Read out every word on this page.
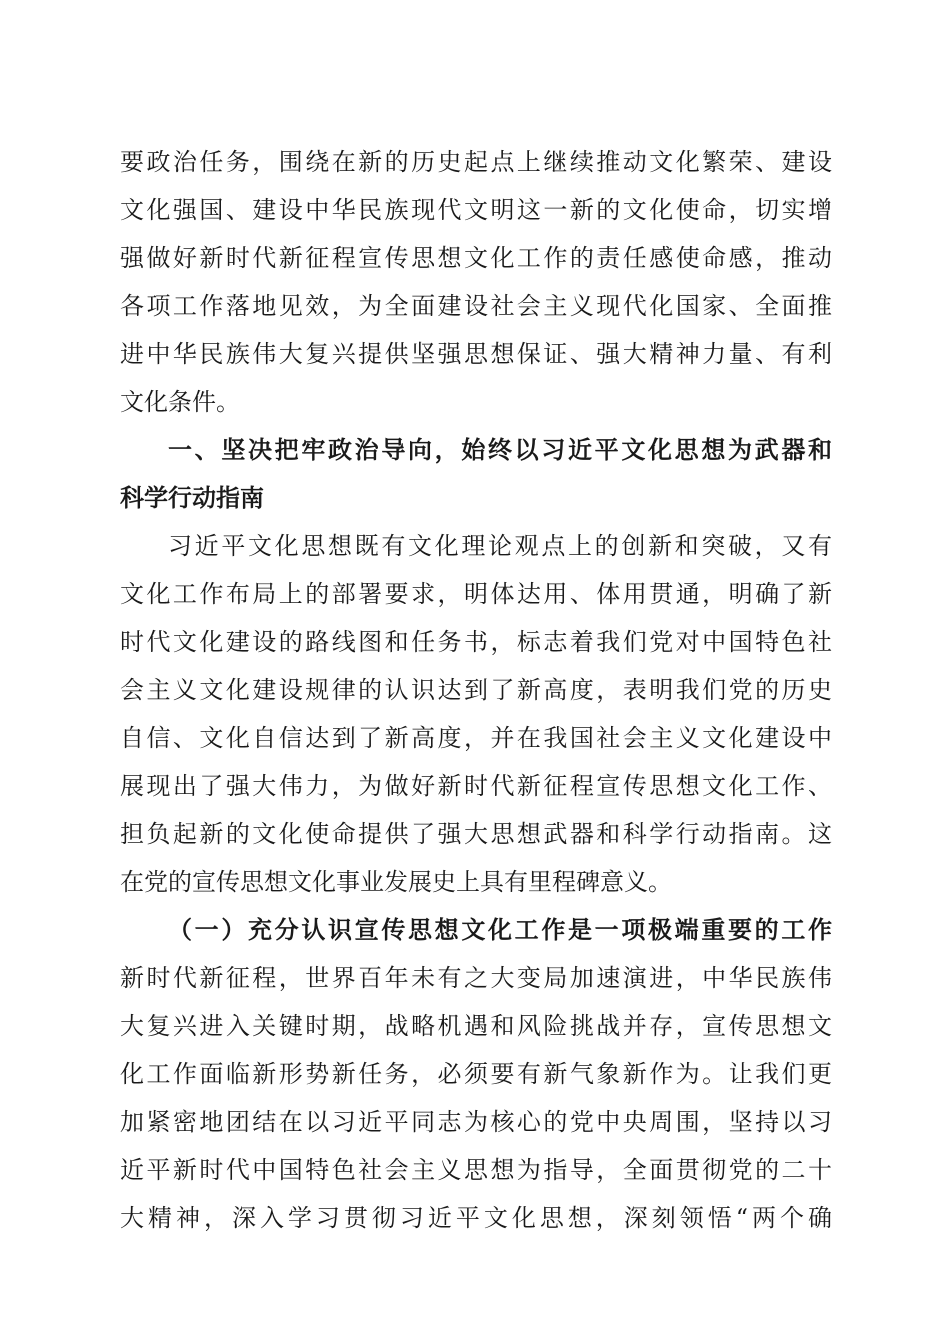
要政治任务，围绕在新的历史起点上继续推动文化繁荣、建设
文化强国、建设中华民族现代文明这一新的文化使命，切实增
强做好新时代新征程宣传思想文化工作的责任感使命感，推动
各项工作落地见效，为全面建设社会主义现代化国家、全面推
进中华民族伟大复兴提供坚强思想保证、强大精神力量、有利
文化条件。
一、坚决把牢政治导向，始终以习近平文化思想为武器和
科学行动指南
习近平文化思想既有文化理论观点上的创新和突破，又有
文化工作布局上的部署要求，明体达用、体用贯通，明确了新
时代文化建设的路线图和任务书，标志着我们党对中国特色社
会主义文化建设规律的认识达到了新高度，表明我们党的历史
自信、文化自信达到了新高度，并在我国社会主义文化建设中
展现出了强大伟力，为做好新时代新征程宣传思想文化工作、
担负起新的文化使命提供了强大思想武器和科学行动指南。这
在党的宣传思想文化事业发展史上具有里程碑意义。
（一）充分认识宣传思想文化工作是一项极端重要的工作
新时代新征程，世界百年未有之大变局加速演进，中华民族伟
大复兴进入关键时期，战略机遇和风险挑战并存，宣传思想文
化工作面临新形势新任务，必须要有新气象新作为。让我们更
加紧密地团结在以习近平同志为核心的党中央周围，坚持以习
近平新时代中国特色社会主义思想为指导，全面贯彻党的二十
大精神，深入学习贯彻习近平文化思想，深刻领悟“两个确
